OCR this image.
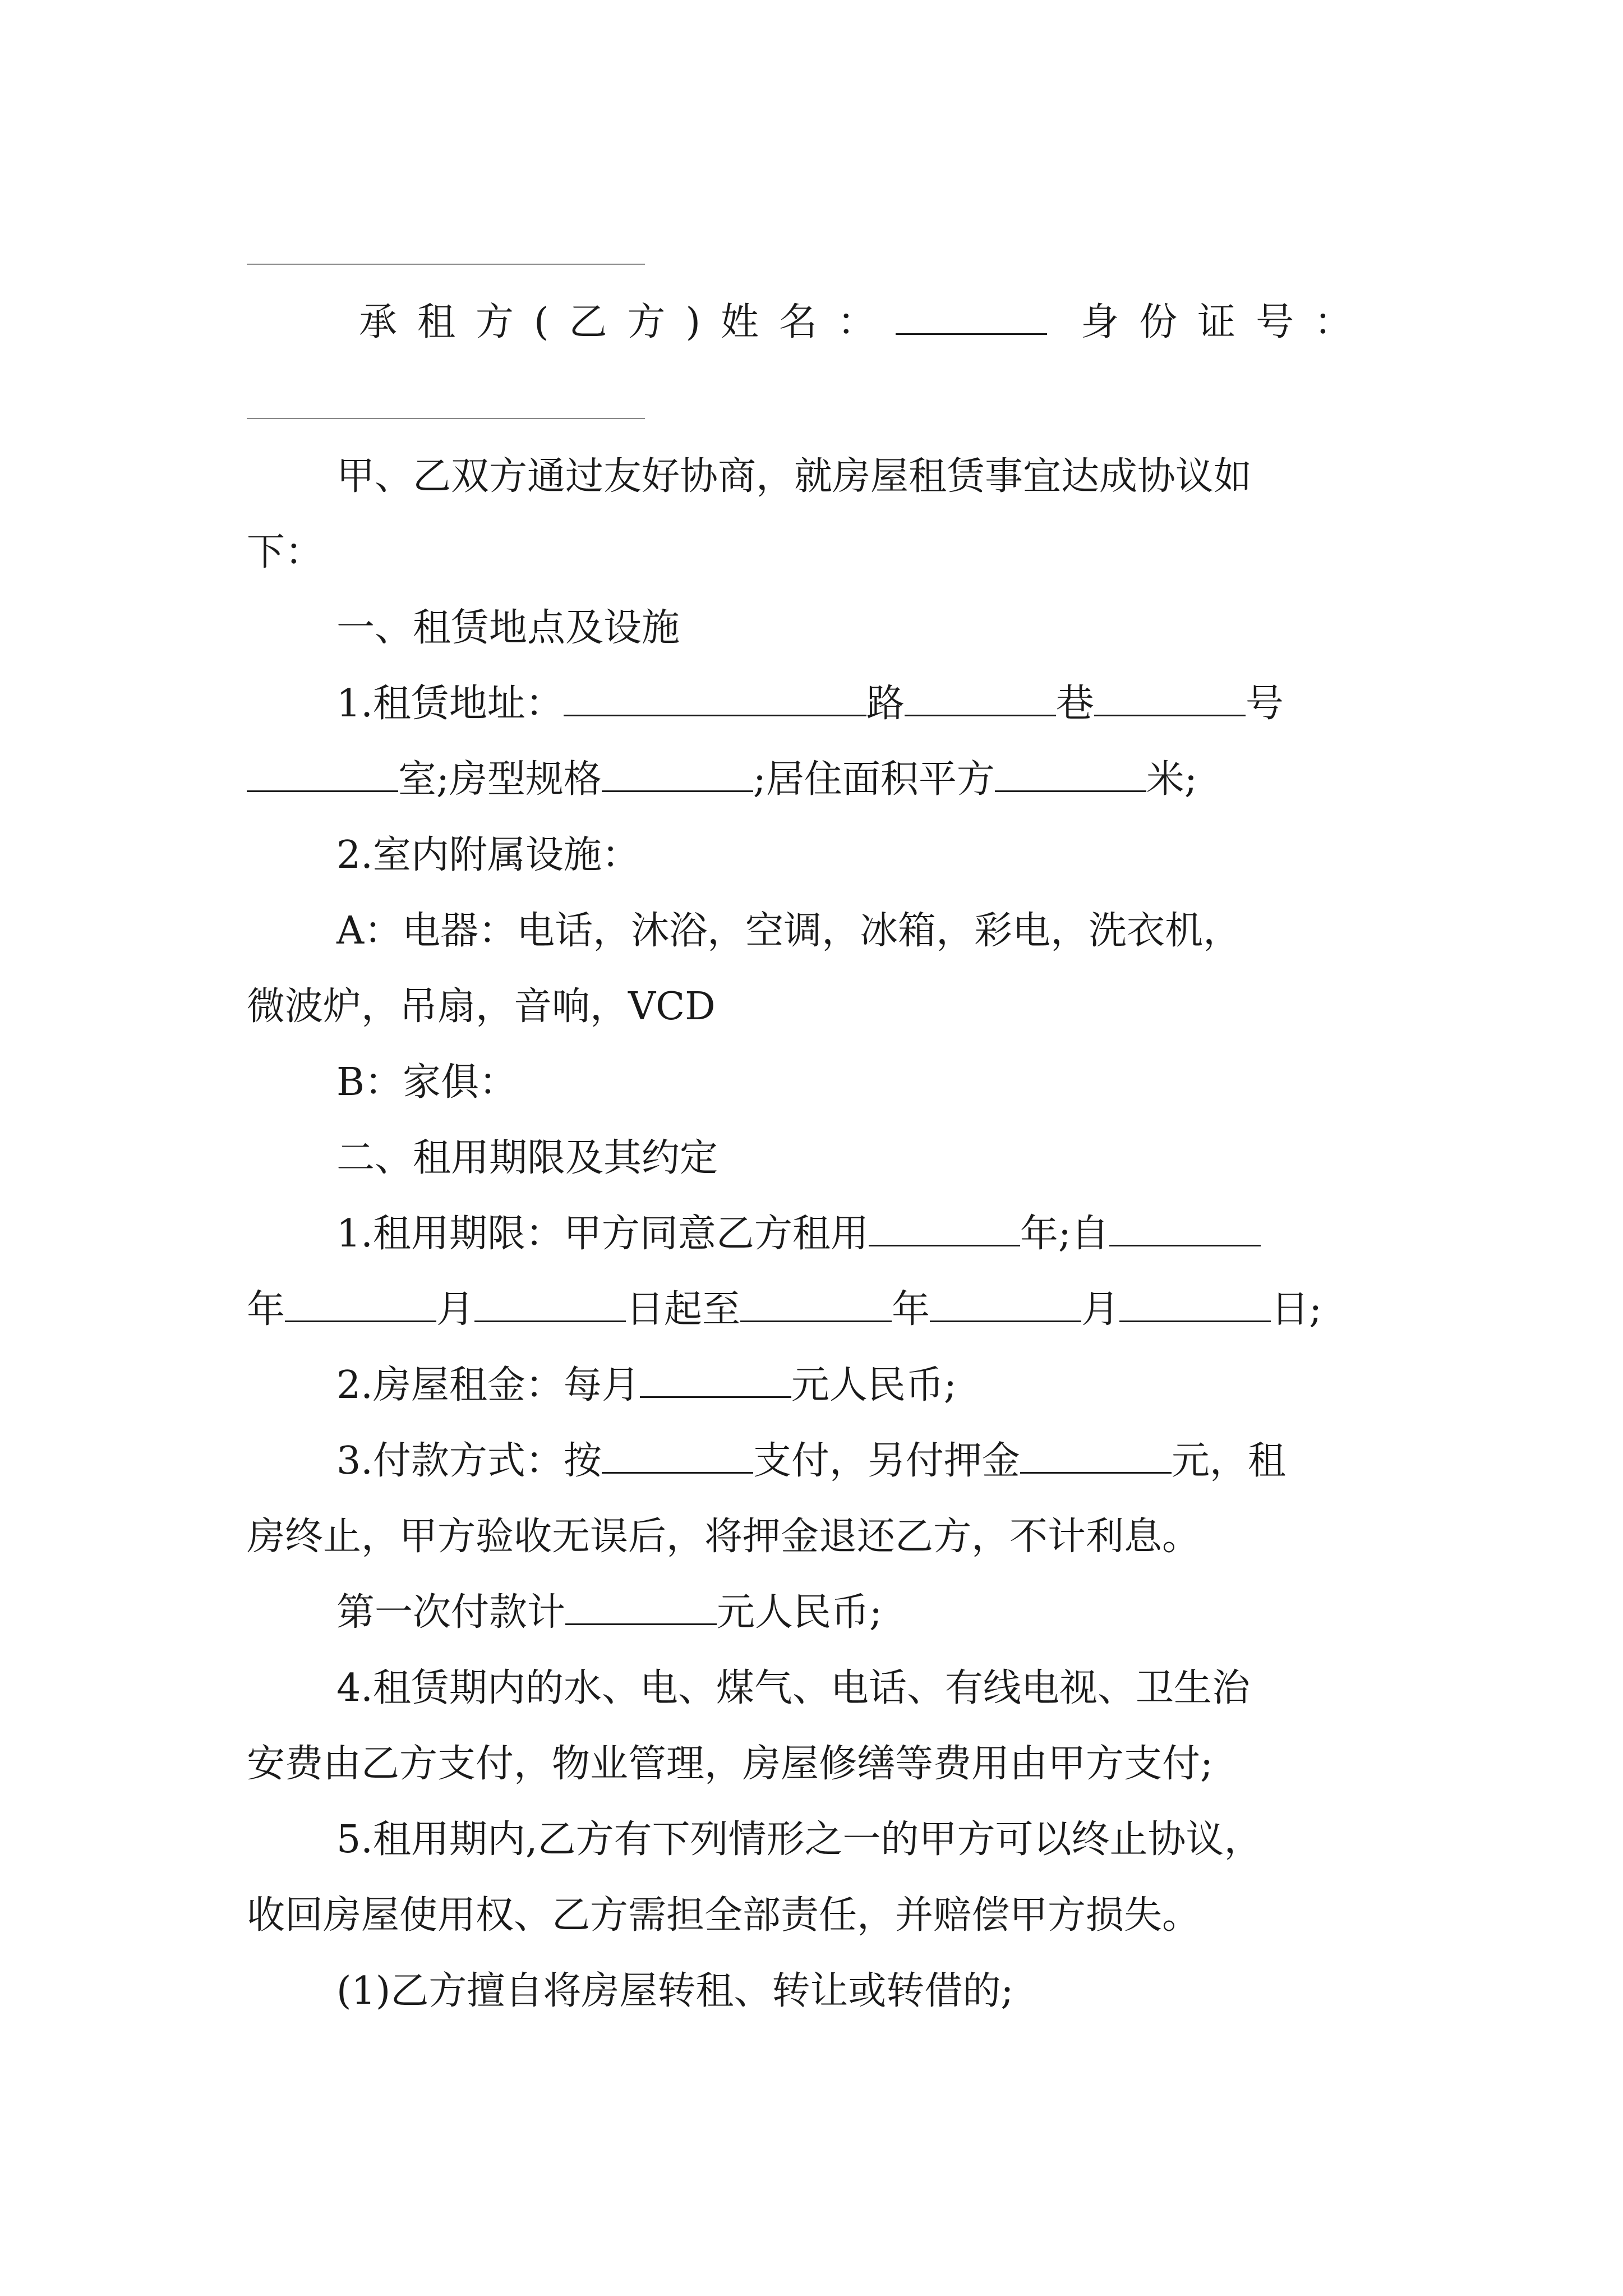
承租方(乙方)姓名：	身份证号：
甲、乙双方通过友好协商，就房屋租赁事宜达成协议如
下：
一、租赁地点及设施
1.租赁地址：	路	巷	号
室;房型规格	;居住面积平方	米;
2.室内附属设施：
A：电器：电话，沐浴，空调，冰箱，彩电，洗衣机，
微波炉，吊扇，音响，VCD
B：家俱：
二、租用期限及其约定
1.租用期限：甲方同意乙方租用	年;自
年	月	日起至	年	月	日;
2.房屋租金：每月	元人民币;
3.付款方式：按	支付，另付押金	元，租
房终止，甲方验收无误后，将押金退还乙方，不计利息。
第一次付款计	元人民币;
4.租赁期内的水、电、煤气、电话、有线电视、卫生治
安费由乙方支付，物业管理，房屋修缮等费用由甲方支付;
5.租用期内,乙方有下列情形之一的甲方可以终止协议，
收回房屋使用权、乙方需担全部责任，并赔偿甲方损失。
(1)乙方擅自将房屋转租、转让或转借的;
